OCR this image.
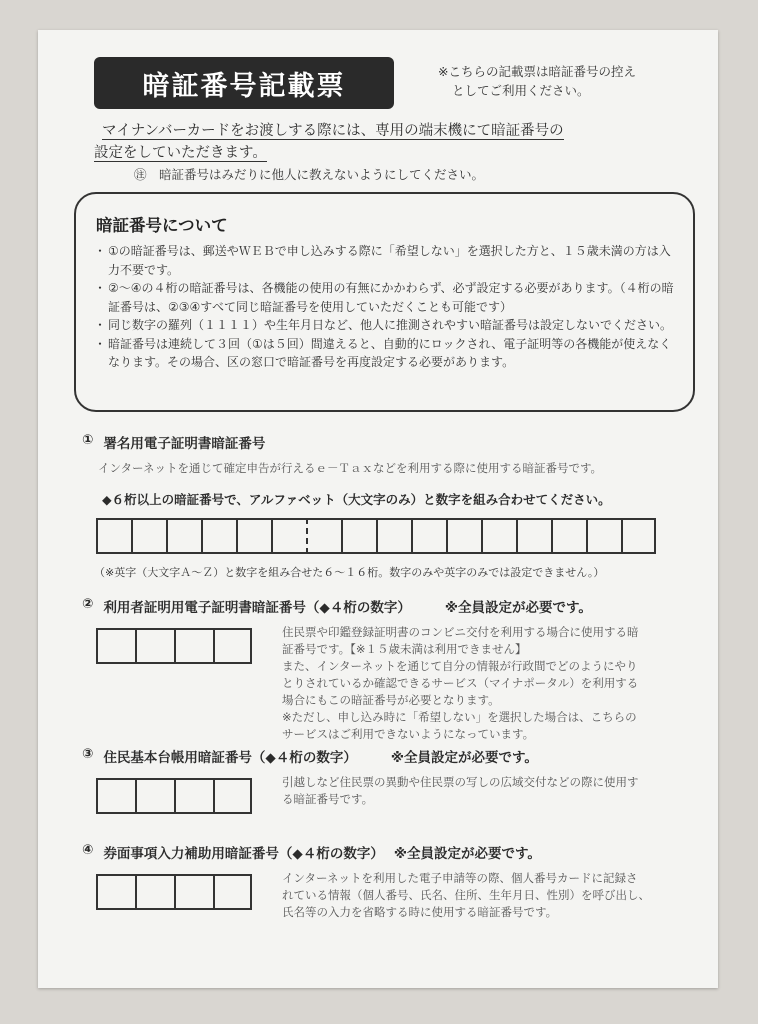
暗証番号記載票	※こちらの記載票は暗証番号の控え
としてご利用ください。
マイナンバーカードをお渡しする際には、専用の端末機にて暗証番号の
設定をしていただきます。
㊟　暗証番号はみだりに他人に教えないようにしてください。
暗証番号について
・ ①の暗証番号は、郵送やＷＥＢで申し込みする際に「希望しない」を選択した方と、１５歳未満の方は入力不要です。
・ ②～④の４桁の暗証番号は、各機能の使用の有無にかかわらず、必ず設定する必要があります。（４桁の暗証番号は、②③④すべて同じ暗証番号を使用していただくことも可能です）
・ 同じ数字の羅列（１１１１）や生年月日など、他人に推測されやすい暗証番号は設定しないでください。
・ 暗証番号は連続して３回（①は５回）間違えると、自動的にロックされ、電子証明等の各機能が使えなくなります。その場合、区の窓口で暗証番号を再度設定する必要があります。
① 署名用電子証明書暗証番号
インターネットを通じて確定申告が行えるｅ－Ｔａｘなどを利用する際に使用する暗証番号です。
◆６桁以上の暗証番号で、アルファベット（大文字のみ）と数字を組み合わせてください。
（※英字（大文字Ａ～Ｚ）と数字を組み合せた６～１６桁。数字のみや英字のみでは設定できません。）
② 利用者証明用電子証明書暗証番号（◆４桁の数字）	※全員設定が必要です。
住民票や印鑑登録証明書のコンビニ交付を利用する場合に使用する暗
証番号です。【※１５歳未満は利用できません】
また、インターネットを通じて自分の情報が行政間でどのようにやり
とりされているか確認できるサービス（マイナポータル）を利用する
場合にもこの暗証番号が必要となります。
※ただし、申し込み時に「希望しない」を選択した場合は、こちらの
サービスはご利用できないようになっています。
③ 住民基本台帳用暗証番号（◆４桁の数字）	※全員設定が必要です。
引越しなど住民票の異動や住民票の写しの広域交付などの際に使用す
る暗証番号です。
④ 券面事項入力補助用暗証番号（◆４桁の数字） ※全員設定が必要です。
インターネットを利用した電子申請等の際、個人番号カードに記録さ
れている情報（個人番号、氏名、住所、生年月日、性別）を呼び出し、
氏名等の入力を省略する時に使用する暗証番号です。
